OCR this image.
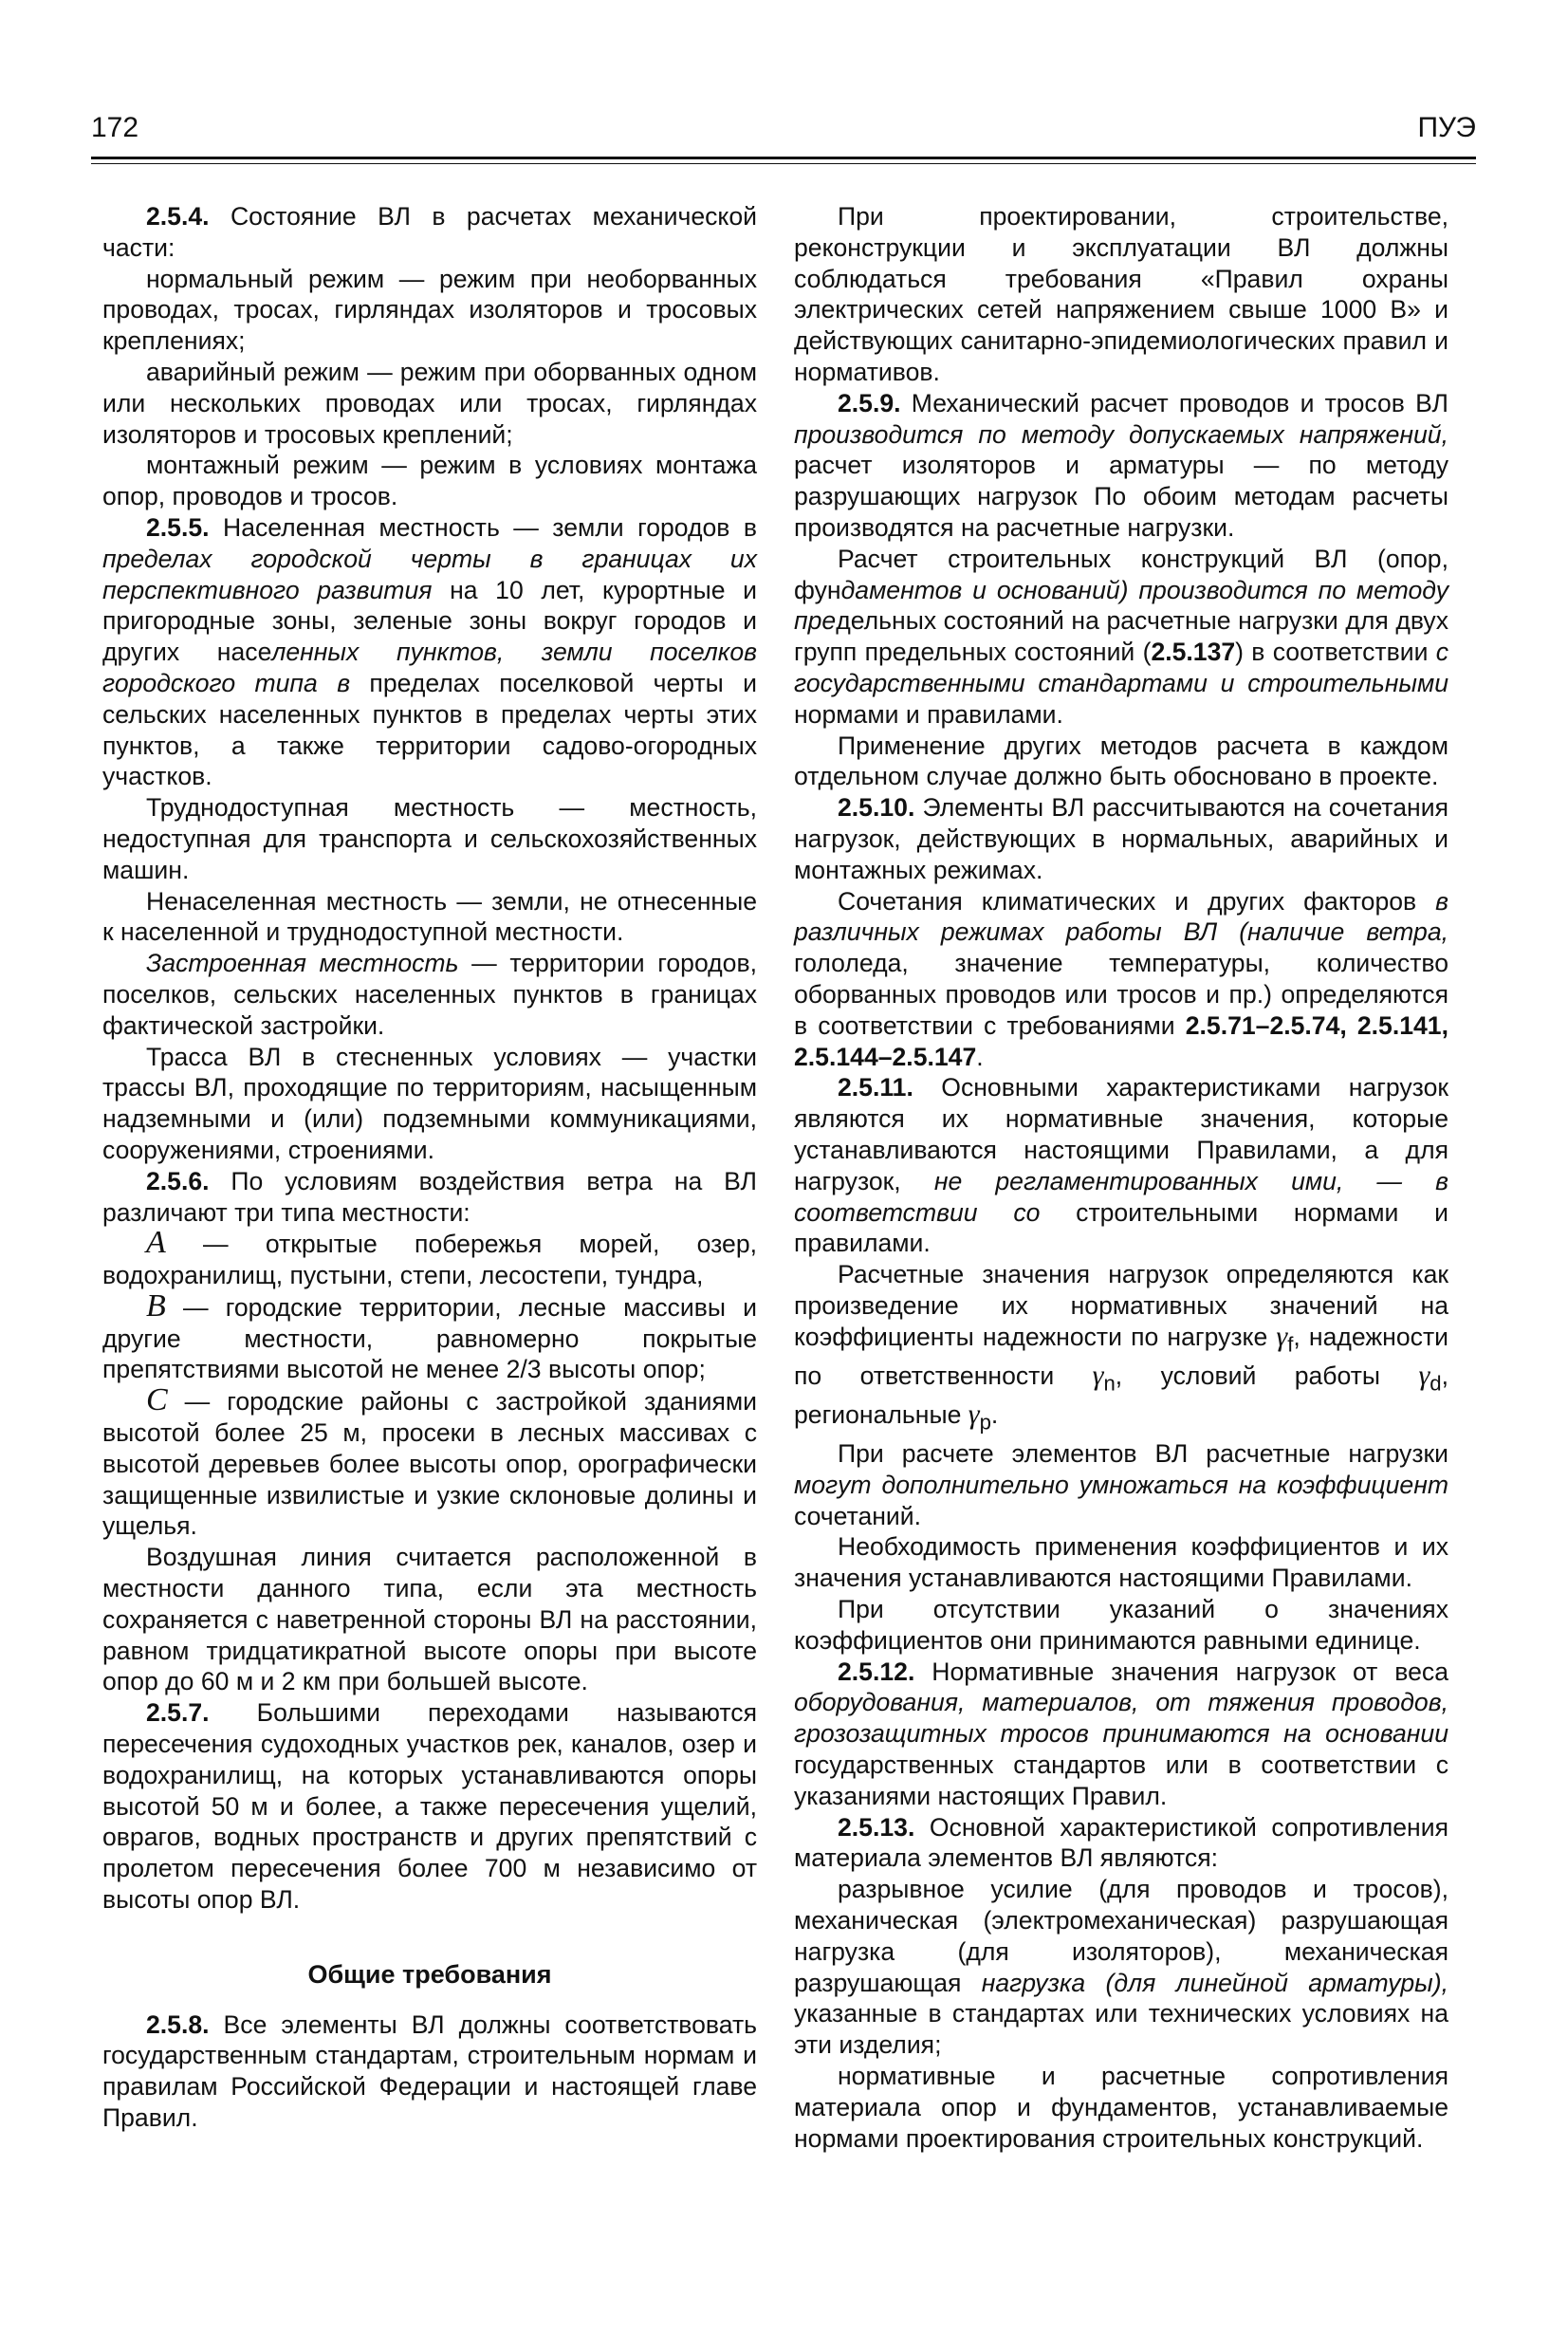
172	ПУЭ

2.5.4. Состояние ВЛ в расчетах механической части:

нормальный режим — режим при необорванных проводах, тросах, гирляндах изоляторов и тросовых креплениях;

аварийный режим — режим при оборванных одном или нескольких проводах или тросах, гирляндах изоляторов и тросовых креплений;

монтажный режим — режим в условиях монтажа опор, проводов и тросов.

2.5.5. Населенная местность — земли городов в пределах городской черты в границах их перспективного развития на 10 лет, курортные и пригородные зоны, зеленые зоны вокруг городов и других населенных пунктов, земли поселков городского типа в пределах поселковой черты и сельских населенных пунктов в пределах черты этих пунктов, а также территории садово-огородных участков.

Труднодоступная местность — местность, недоступная для транспорта и сельскохозяйственных машин.

Ненаселенная местность — земли, не отнесенные к населенной и труднодоступной местности.

Застроенная местность — территории городов, поселков, сельских населенных пунктов в границах фактической застройки.

Трасса ВЛ в стесненных условиях — участки трассы ВЛ, проходящие по территориям, насыщенным надземными и (или) подземными коммуникациями, сооружениями, строениями.

2.5.6. По условиям воздействия ветра на ВЛ различают три типа местности:

А — открытые побережья морей, озер, водохранилищ, пустыни, степи, лесостепи, тундра,

В — городские территории, лесные массивы и другие местности, равномерно покрытые препятствиями высотой не менее 2/3 высоты опор;

С — городские районы с застройкой зданиями высотой более 25 м, просеки в лесных массивах с высотой деревьев более высоты опор, орографически защищенные извилистые и узкие склоновые долины и ущелья.

Воздушная линия считается расположенной в местности данного типа, если эта местность сохраняется с наветренной стороны ВЛ на расстоянии, равном тридцатикратной высоте опоры при высоте опор до 60 м и 2 км при большей высоте.

2.5.7. Большими переходами называются пересечения судоходных участков рек, каналов, озер и водохранилищ, на которых устанавливаются опоры высотой 50 м и более, а также пересечения ущелий, оврагов, водных пространств и других препятствий с пролетом пересечения более 700 м независимо от высоты опор ВЛ.

Общие требования

2.5.8. Все элементы ВЛ должны соответствовать государственным стандартам, строительным нормам и правилам Российской Федерации и настоящей главе Правил.

При проектировании, строительстве, реконструкции и эксплуатации ВЛ должны соблюдаться требования «Правил охраны электрических сетей напряжением свыше 1000 В» и действующих санитарно-эпидемиологических правил и нормативов.

2.5.9. Механический расчет проводов и тросов ВЛ производится по методу допускаемых напряжений, расчет изоляторов и арматуры — по методу разрушающих нагрузок По обоим методам расчеты производятся на расчетные нагрузки.

Расчет строительных конструкций ВЛ (опор, фундаментов и оснований) производится по методу предельных состояний на расчетные нагрузки для двух групп предельных состояний (2.5.137) в соответствии с государственными стандартами и строительными нормами и правилами.

Применение других методов расчета в каждом отдельном случае должно быть обосновано в проекте.

2.5.10. Элементы ВЛ рассчитываются на сочетания нагрузок, действующих в нормальных, аварийных и монтажных режимах.

Сочетания климатических и других факторов в различных режимах работы ВЛ (наличие ветра, гололеда, значение температуры, количество оборванных проводов или тросов и пр.) определяются в соответствии с требованиями 2.5.71–2.5.74, 2.5.141, 2.5.144–2.5.147.

2.5.11. Основными характеристиками нагрузок являются их нормативные значения, которые устанавливаются настоящими Правилами, а для нагрузок, не регламентированных ими, — в соответствии со строительными нормами и правилами.

Расчетные значения нагрузок определяются как произведение их нормативных значений на коэффициенты надежности по нагрузке $\gamma_f$, надежности по ответственности $\gamma_n$, условий работы $\gamma_d$, региональные $\gamma_p$.

При расчете элементов ВЛ расчетные нагрузки могут дополнительно умножаться на коэффициент сочетаний.

Необходимость применения коэффициентов и их значения устанавливаются настоящими Правилами.

При отсутствии указаний о значениях коэффициентов они принимаются равными единице.

2.5.12. Нормативные значения нагрузок от веса оборудования, материалов, от тяжения проводов, грозозащитных тросов принимаются на основании государственных стандартов или в соответствии с указаниями настоящих Правил.

2.5.13. Основной характеристикой сопротивления материала элементов ВЛ являются:

разрывное усилие (для проводов и тросов), механическая (электромеханическая) разрушающая нагрузка (для изоляторов), механическая разрушающая нагрузка (для линейной арматуры), указанные в стандартах или технических условиях на эти изделия;

нормативные и расчетные сопротивления материала опор и фундаментов, устанавливаемые нормами проектирования строительных конструкций.
